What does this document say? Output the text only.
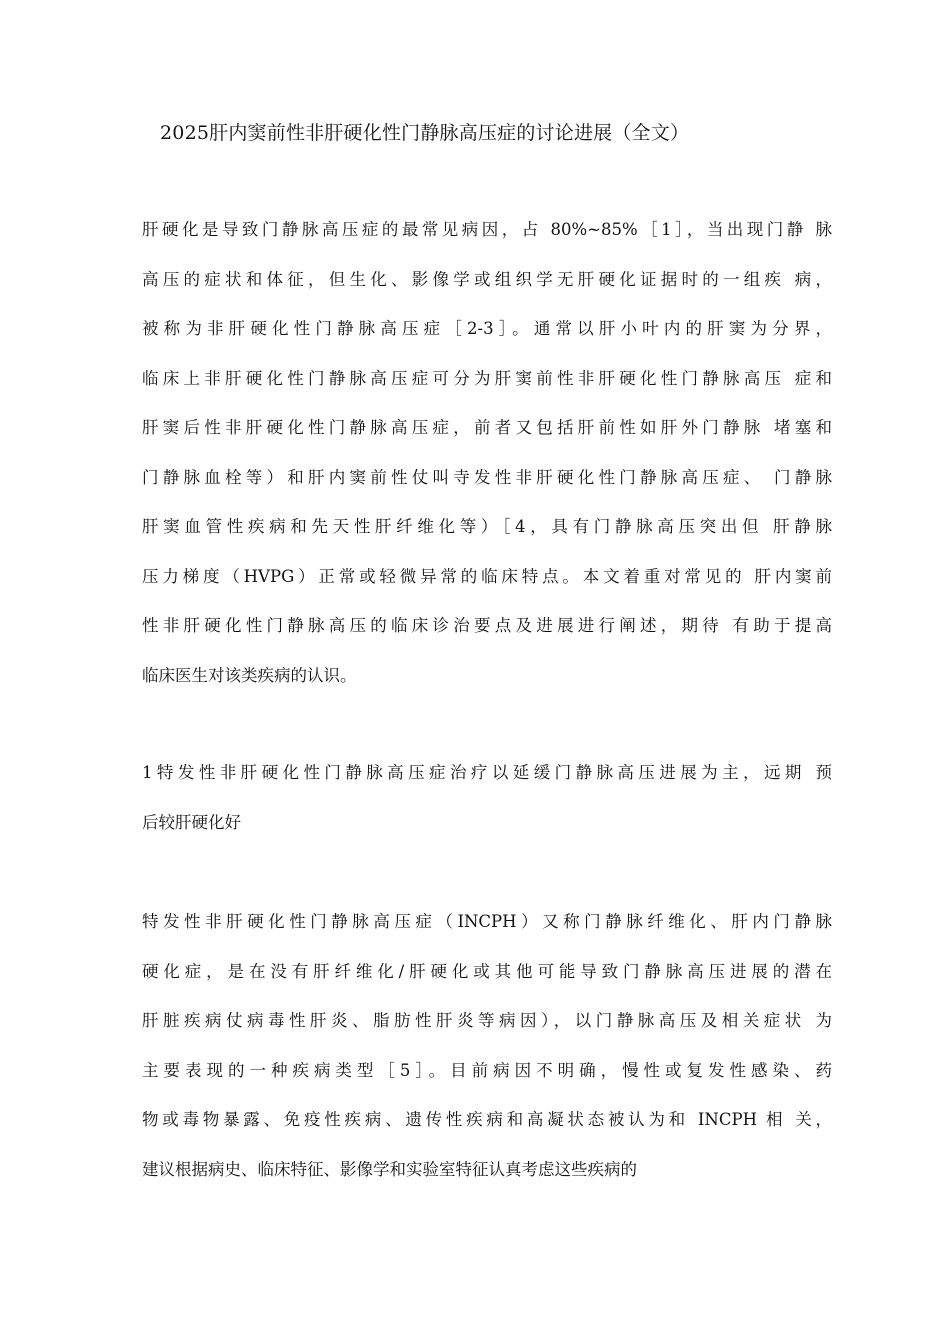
2025肝内窦前性非肝硬化性门静脉高压症的讨论进展（全文）
肝硬化是导致门静脉高压症的最常见病因，占 80%~85%［1］，当出现门静 脉
高压的症状和体征，但生化、影像学或组织学无肝硬化证据时的一组疾 病，
被称为非肝硬化性门静脉高压症［2-3］。通常以肝小叶内的肝窦为分界，
临床上非肝硬化性门静脉高压症可分为肝窦前性非肝硬化性门静脉高压 症和
肝窦后性非肝硬化性门静脉高压症，前者又包括肝前性如肝外门静脉 堵塞和
门静脉血栓等）和肝内窦前性仗叫寺发性非肝硬化性门静脉高压症、 门静脉
肝窦血管性疾病和先天性肝纤维化等）［4，具有门静脉高压突出但 肝静脉
压力梯度（HVPG）正常或轻微异常的临床特点。本文着重对常见的 肝内窦前
性非肝硬化性门静脉高压的临床诊治要点及进展进行阐述，期待 有助于提高
临床医生对该类疾病的认识。
1特发性非肝硬化性门静脉高压症治疗以延缓门静脉高压进展为主，远期 预
后较肝硬化好
特发性非肝硬化性门静脉高压症（INCPH）又称门静脉纤维化、肝内门静脉
硬化症，是在没有肝纤维化/肝硬化或其他可能导致门静脉高压进展的潜在
肝脏疾病仗病毒性肝炎、脂肪性肝炎等病因），以门静脉高压及相关症状 为
主要表现的一种疾病类型［5］。目前病因不明确，慢性或复发性感染、药
物或毒物暴露、免疫性疾病、遗传性疾病和高凝状态被认为和 INCPH 相 关，
建议根据病史、临床特征、影像学和实验室特征认真考虑这些疾病的
